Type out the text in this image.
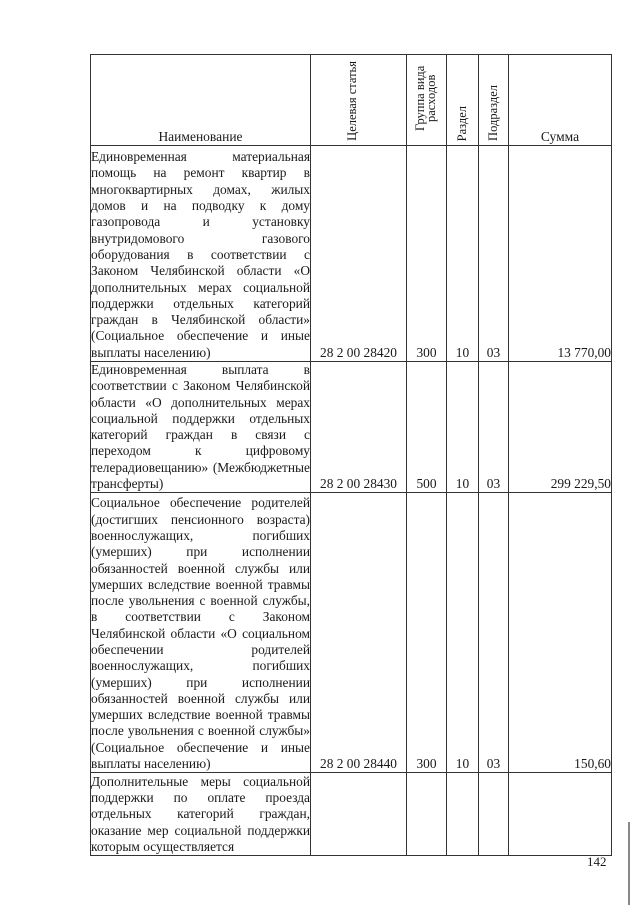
Наименование	Целевая статья	Группа вида расходов	Раздел	Подраздел	Сумма
Единовременная материальная помощь на ремонт квартир в многоквартирных домах, жилых домов и на подводку к дому газопровода и установку внутридомового газового оборудования в соответствии с Законом Челябинской области «О дополнительных мерах социальной поддержки отдельных категорий граждан в Челябинской области» (Социальное обеспечение и иные выплаты населению)	28 2 00 28420	300	10	03	13 770,00
Единовременная выплата в соответствии с Законом Челябинской области «О дополнительных мерах социальной поддержки отдельных категорий граждан в связи с переходом к цифровому телерадиовещанию» (Межбюджетные трансферты)	28 2 00 28430	500	10	03	299 229,50
Социальное обеспечение родителей (достигших пенсионного возраста) военнослужащих, погибших (умерших) при исполнении обязанностей военной службы или умерших вследствие военной травмы после увольнения с военной службы, в соответствии с Законом Челябинской области «О социальном обеспечении родителей военнослужащих, погибших (умерших) при исполнении обязанностей военной службы или умерших вследствие военной травмы после увольнения с военной службы» (Социальное обеспечение и иные выплаты населению)	28 2 00 28440	300	10	03	150,60
Дополнительные меры социальной поддержки по оплате проезда отдельных категорий граждан, оказание мер социальной поддержки которым осуществляется					
142
